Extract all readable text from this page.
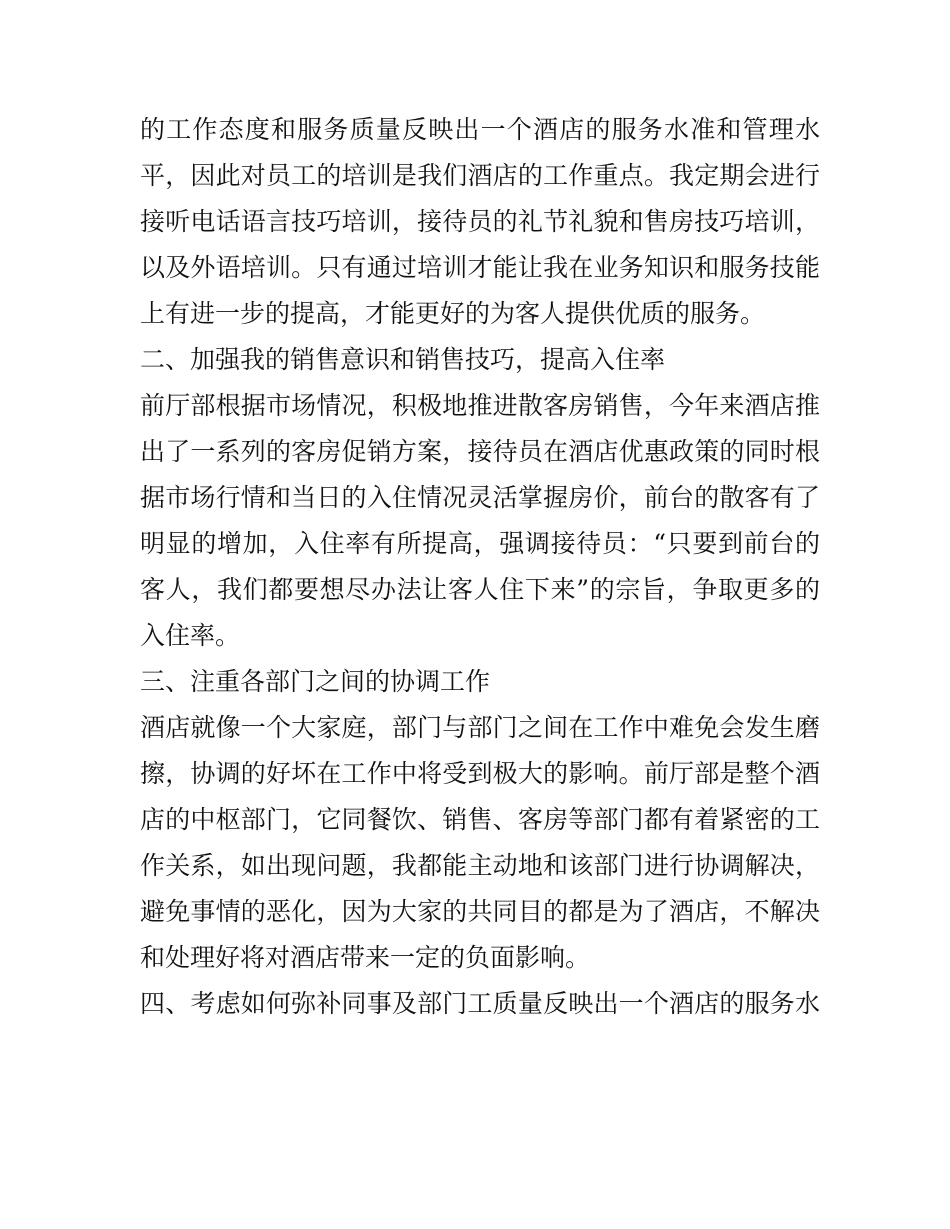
的工作态度和服务质量反映出一个酒店的服务水准和管理水
平，因此对员工的培训是我们酒店的工作重点。我定期会进行
接听电话语言技巧培训，接待员的礼节礼貌和售房技巧培训，
以及外语培训。只有通过培训才能让我在业务知识和服务技能
上有进一步的提高，才能更好的为客人提供优质的服务。
二、加强我的销售意识和销售技巧，提高入住率
前厅部根据市场情况，积极地推进散客房销售，今年来酒店推
出了一系列的客房促销方案，接待员在酒店优惠政策的同时根
据市场行情和当日的入住情况灵活掌握房价，前台的散客有了
明显的增加，入住率有所提高，强调接待员：“只要到前台的
客人，我们都要想尽办法让客人住下来”的宗旨，争取更多的
入住率。
三、注重各部门之间的协调工作
酒店就像一个大家庭，部门与部门之间在工作中难免会发生磨
擦，协调的好坏在工作中将受到极大的影响。前厅部是整个酒
店的中枢部门，它同餐饮、销售、客房等部门都有着紧密的工
作关系，如出现问题，我都能主动地和该部门进行协调解决，
避免事情的恶化，因为大家的共同目的都是为了酒店，不解决
和处理好将对酒店带来一定的负面影响。
四、考虑如何弥补同事及部门工质量反映出一个酒店的服务水
